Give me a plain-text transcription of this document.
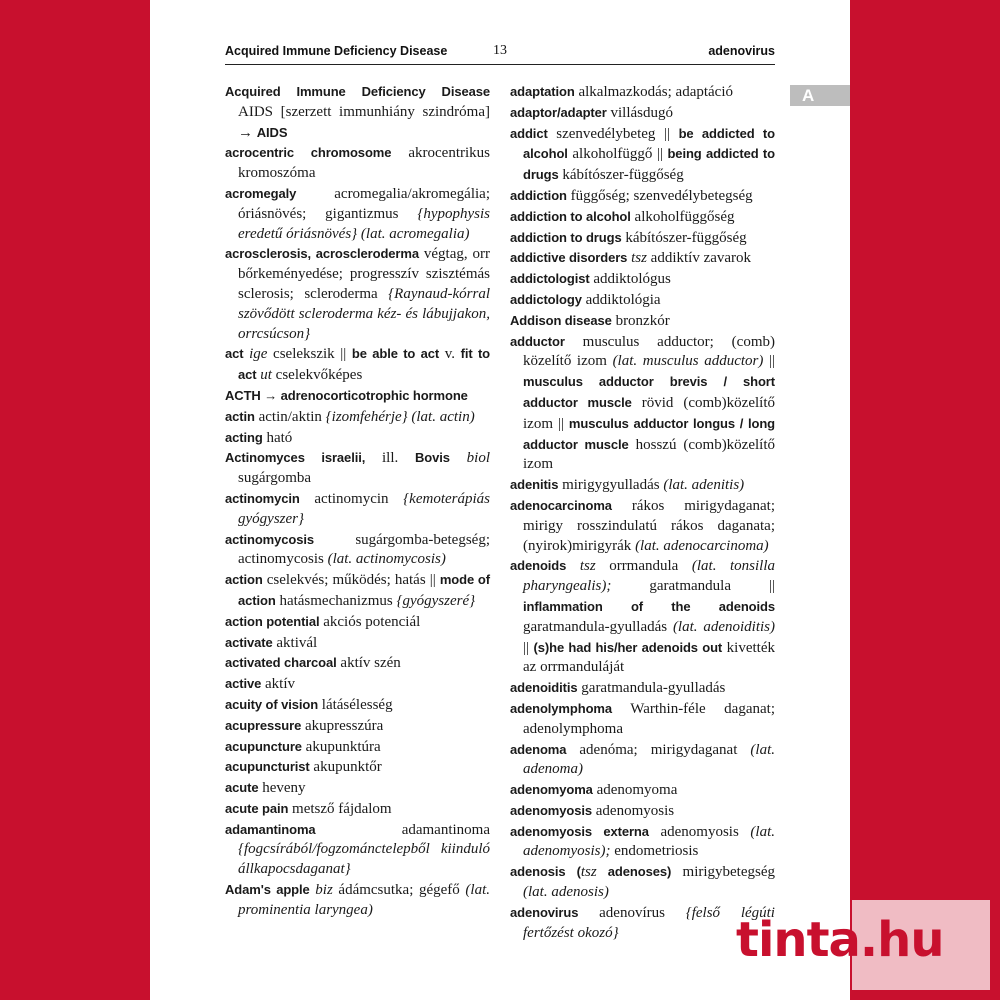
Acquired Immune Deficiency Disease	13	adenovirus
Acquired Immune Deficiency Disease AIDS [szerzett immunhiány szindróma] → AIDS
acrocentric chromosome akrocentrikus kromoszóma
acromegaly acromegalia/akromegália; óriásnövés; gigantizmus {hypophysis eredetű óriásnövés} (lat. acromegalia)
acrosclerosis, acroscleroderma végtag, orr bőrkeményedése; progresszív szisztémás sclerosis; scleroderma {Raynaud-kórral szövődött scleroderma kéz- és lábujjakon, orrcsúcson}
act ige cselekszik || be able to act v. fit to act ut cselekvőképes
ACTH → adrenocorticotrophic hormone
actin actin/aktin {izomfehérje} (lat. actin)
acting ható
Actinomyces israelii, ill. Bovis biol sugárgomba
actinomycin actinomycin {kemoterápiás gyógyszer}
actinomycosis sugárgomba-betegség; actinomycosis (lat. actinomycosis)
action cselekvés; működés; hatás || mode of action hatásmechanizmus {gyógyszeré}
action potential akciós potenciál
activate aktivál
activated charcoal aktív szén
active aktív
acuity of vision látásélesség
acupressure akupresszúra
acupuncture akupunktúra
acupuncturist akupunktőr
acute heveny
acute pain metsző fájdalom
adamantinoma adamantinoma {fogcsírából/fogzománctelepből kiinduló állkapocsdaganat}
Adam's apple biz ádámcsutka; gégefő (lat. prominentia laryngea)
adaptation alkalmazkodás; adaptáció
adaptor/adapter villásdugó
addict szenvedélybeteg || be addicted to alcohol alkoholfüggő || being addicted to drugs kábítószer-függőség
addiction függőség; szenvedélybetegség
addiction to alcohol alkoholfüggőség
addiction to drugs kábítószer-függőség
addictive disorders tsz addiktív zavarok
addictologist addiktológus
addictology addiktológia
Addison disease bronzkór
adductor musculus adductor; (comb) közelítő izom (lat. musculus adductor) || musculus adductor brevis / short adductor muscle rövid (comb)közelítő izom || musculus adductor longus / long adductor muscle hosszú (comb)közelítő izom
adenitis mirigygyulladás (lat. adenitis)
adenocarcinoma rákos mirigydaganat; mirigy rosszindulatú rákos daganata; (nyirok)mirigyrák (lat. adenocarcinoma)
adenoids tsz orrmandula (lat. tonsilla pharyngealis); garatmandula || inflammation of the adenoids garatmandula-gyulladás (lat. adenoiditis) || (s)he had his/her adenoids out kivették az orrmanduláját
adenoiditis garatmandula-gyulladás
adenolymphoma Warthin-féle daganat; adenolymphoma
adenoma adenóma; mirigydaganat (lat. adenoma)
adenomyoma adenomyoma
adenomyosis adenomyosis
adenomyosis externa adenomyosis (lat. adenomyosis); endometriosis
adenosis (tsz adenoses) mirigybetegség (lat. adenosis)
adenovirus adenovírus {felső légúti fertőzést okozó}
A
tinta.hu
